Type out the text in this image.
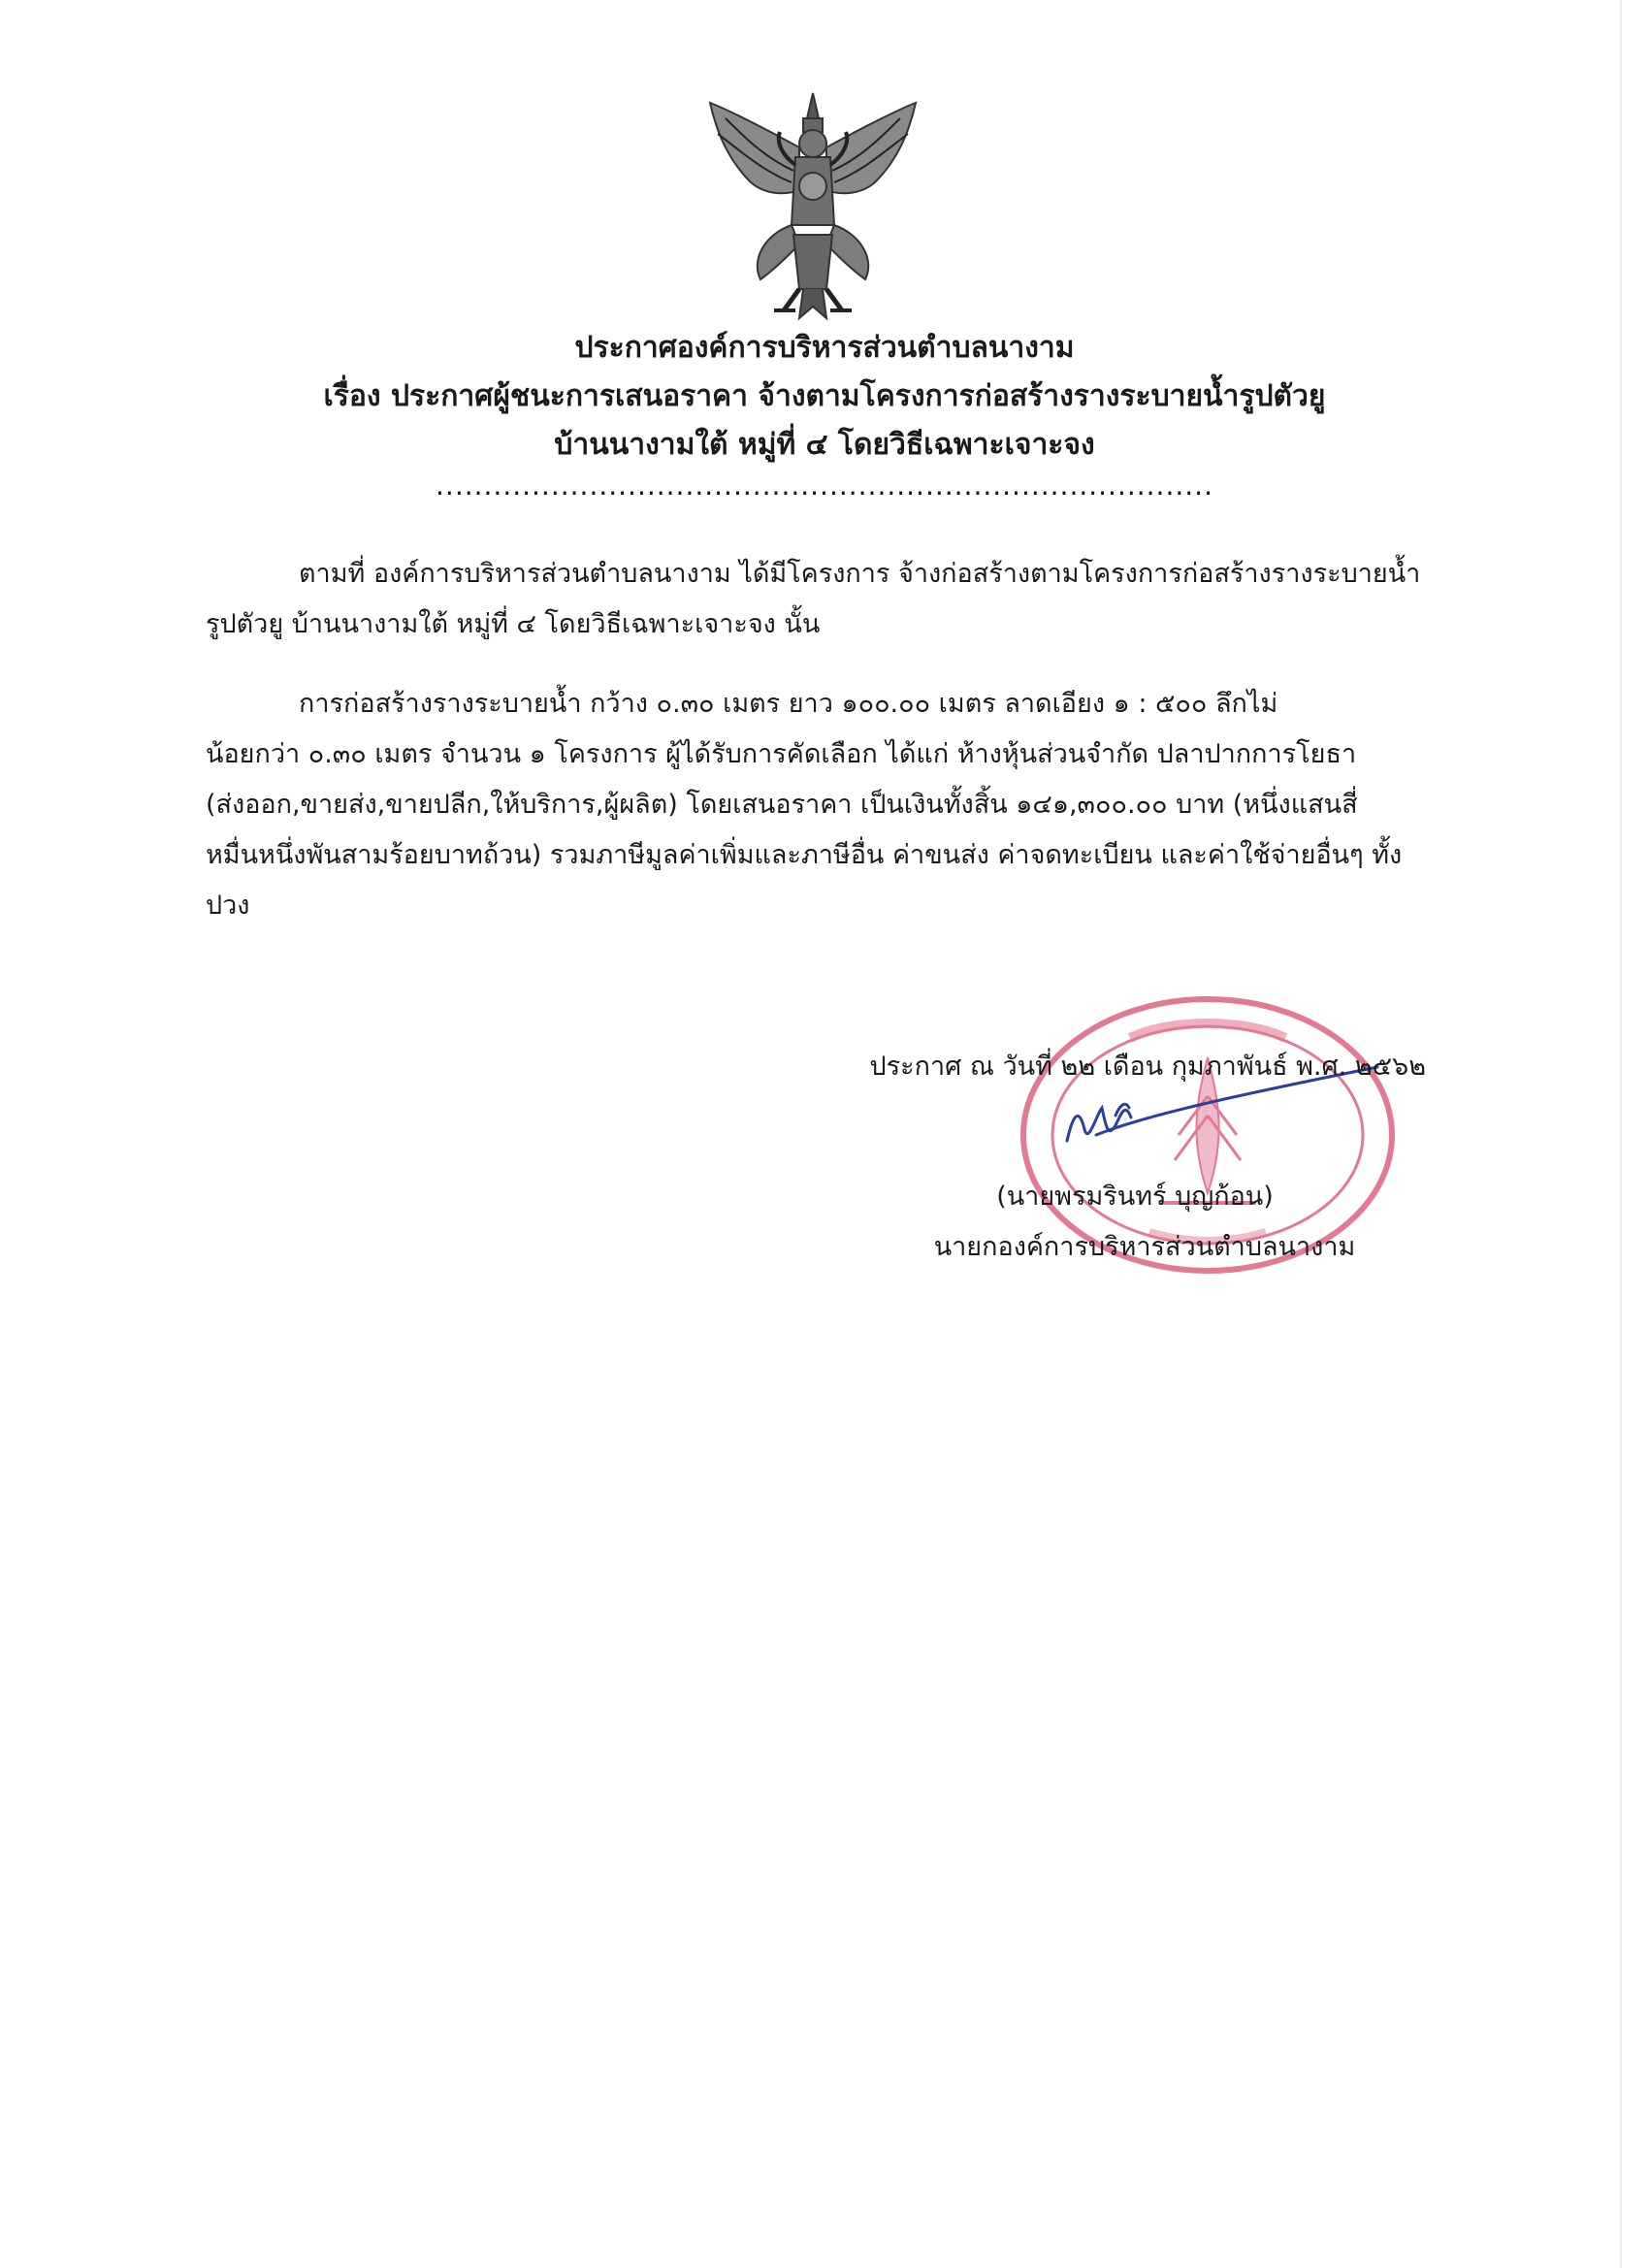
ประกาศองค์การบริหารส่วนตำบลนางาม
เรื่อง ประกาศผู้ชนะการเสนอราคา จ้างตามโครงการก่อสร้างรางระบายน้ำรูปตัวยู
บ้านนางามใต้ หมู่ที่ ๔ โดยวิธีเฉพาะเจาะจง
.................................................................................
ตามที่ องค์การบริหารส่วนตำบลนางาม ได้มีโครงการ จ้างก่อสร้างตามโครงการก่อสร้างรางระบายน้ำ
รูปตัวยู บ้านนางามใต้ หมู่ที่ ๔ โดยวิธีเฉพาะเจาะจง นั้น
การก่อสร้างรางระบายน้ำ กว้าง ๐.๓๐ เมตร ยาว ๑๐๐.๐๐ เมตร ลาดเอียง ๑ : ๕๐๐ ลึกไม่
น้อยกว่า ๐.๓๐ เมตร จำนวน ๑ โครงการ ผู้ได้รับการคัดเลือก ได้แก่ ห้างหุ้นส่วนจำกัด ปลาปากการโยธา
(ส่งออก,ขายส่ง,ขายปลีก,ให้บริการ,ผู้ผลิต) โดยเสนอราคา เป็นเงินทั้งสิ้น ๑๔๑,๓๐๐.๐๐ บาท (หนึ่งแสนสี่
หมื่นหนึ่งพันสามร้อยบาทถ้วน) รวมภาษีมูลค่าเพิ่มและภาษีอื่น ค่าขนส่ง ค่าจดทะเบียน และค่าใช้จ่ายอื่นๆ ทั้ง
ปวง
ประกาศ ณ วันที่ ๒๒ เดือน กุมภาพันธ์ พ.ศ. ๒๕๖๒
(นายพรมรินทร์ บุญก้อน)
นายกองค์การบริหารส่วนตำบลนางาม
